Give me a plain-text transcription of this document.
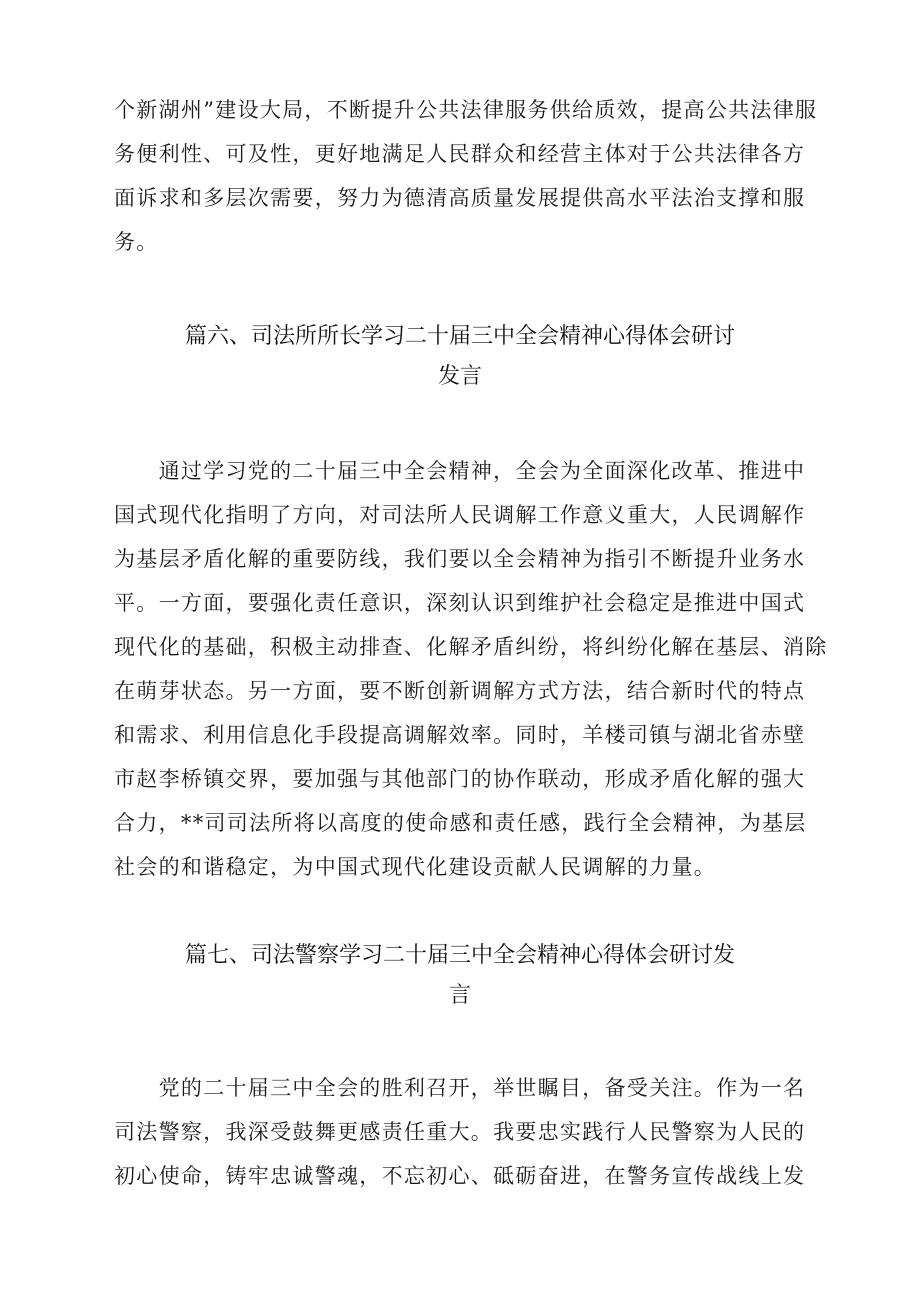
个新湖州”建设大局，不断提升公共法律服务供给质效，提高公共法律服
务便利性、可及性，更好地满足人民群众和经营主体对于公共法律各方
面诉求和多层次需要，努力为德清高质量发展提供高水平法治支撑和服
务。

篇六、司法所所长学习二十届三中全会精神心得体会研讨
发言

　　通过学习党的二十届三中全会精神，全会为全面深化改革、推进中
国式现代化指明了方向，对司法所人民调解工作意义重大，人民调解作
为基层矛盾化解的重要防线，我们要以全会精神为指引不断提升业务水
平。一方面，要强化责任意识，深刻认识到维护社会稳定是推进中国式
现代化的基础，积极主动排查、化解矛盾纠纷，将纠纷化解在基层、消除
在萌芽状态。另一方面，要不断创新调解方式方法，结合新时代的特点
和需求、利用信息化手段提高调解效率。同时，羊楼司镇与湖北省赤壁
市赵李桥镇交界，要加强与其他部门的协作联动，形成矛盾化解的强大
合力，**司司法所将以高度的使命感和责任感，践行全会精神，为基层
社会的和谐稳定，为中国式现代化建设贡献人民调解的力量。

篇七、司法警察学习二十届三中全会精神心得体会研讨发
言

　　党的二十届三中全会的胜利召开，举世瞩目，备受关注。作为一名
司法警察，我深受鼓舞更感责任重大。我要忠实践行人民警察为人民的
初心使命，铸牢忠诚警魂，不忘初心、砥砺奋进，在警务宣传战线上发
